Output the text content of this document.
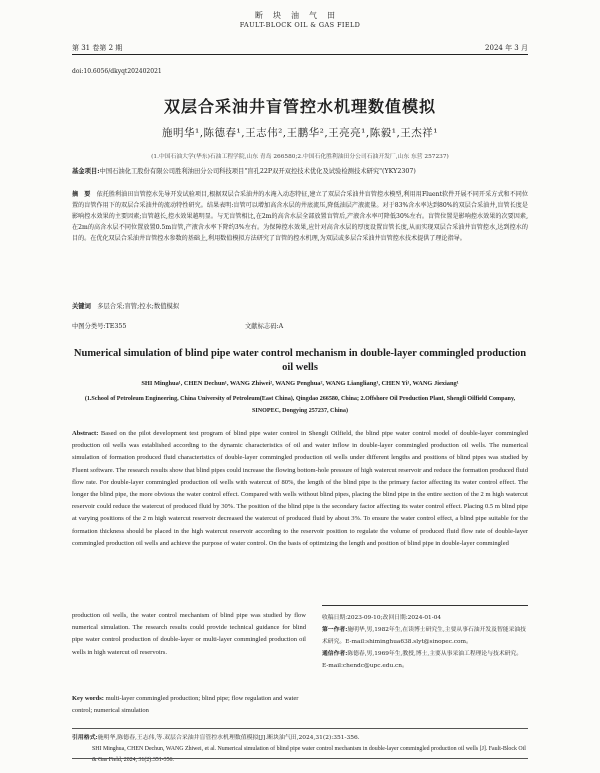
断块油气田
FAULT-BLOCK OIL & GAS FIELD
第 31 卷第 2 期	2024 年 3 月
doi:10.6056/dkyqt202402021
双层合采油井盲管控水机理数值模拟
施明华¹,陈德春¹,王志伟²,王鹏华²,王亮亮¹,陈毅¹,王杰祥¹
(1.中国石油大学(华东)石油工程学院,山东 青岛 266580;2.中国石化胜利油田分公司石油开发厂,山东 东营 257237)
基金项目:中国石油化工股份有限公司胜利油田分公司科技项目"盲孔22P双开双控技术优化及试验检测技术研究"(YKY2307)
摘　要　 依托胜利油田盲管控水先导开发试验项目,根据双层合采油井的水淹入动态特征,建立了双层合采油井盲管控水模型,利用用Fluent软件开展不同开采方式和不同位置的盲管作用下的双层合采油井的流动特性研究。结果表明:盲管可以增加高含水层的井底流压,降低油层产液流量。对于83%含水率达到80%的双层合采油井,盲管长度是影响控水效果的主要因素;盲管越长,控水效果越明显。与无盲管相比,在2m的高含水层全部放置盲管后,产液含水率可降低30%左右。盲管位置是影响控水效果的次要因素,在2m的高含水层不同位置放置0.5m盲管,产液含水率下降约3%左右。为保障控水效果,应针对高含水层的厚度设置盲管长度,从而实现双层合采油井盲管控水,达到控水的目的。在优化双层合采油井盲管控水参数的基础上,利用数值模拟方法研究了盲管的控水机理,为双层或多层合采油井盲管控水技术提供了理论指导。
关键词　 多层合采;盲管;控水;数值模拟
中图分类号:TE355	文献标志码:A
Numerical simulation of blind pipe water control mechanism in double-layer commingled production oil wells
SHI Minghua¹, CHEN Dechun¹, WANG Zhiwei², WANG Penghua², WANG Liangliang¹, CHEN Yi¹, WANG Jiexiang¹
(1.School of Petroleum Engineering, China University of Petroleum(East China), Qingdao 266580, China; 2.Offshore Oil Production Plant, Shengli Oilfield Company, SINOPEC, Dongying 257237, China)
Abstract: Based on the pilot development test program of blind pipe water control in Shengli Oilfield, the blind pipe water control model of double-layer commingled production oil wells was established according to the dynamic characteristics of oil and water inflow in double-layer commingled production oil wells. The numerical simulation of formation produced fluid characteristics of double-layer commingled production oil wells under different lengths and positions of blind pipes was studied by Fluent software. The research results show that blind pipes could increase the flowing bottom-hole pressure of high watercut reservoir and reduce the formation produced fluid flow rate. For double-layer commingled production oil wells with watercut of 80%, the length of the blind pipe is the primary factor affecting its water control effect. The longer the blind pipe, the more obvious the water control effect. Compared with wells without blind pipes, placing the blind pipe in the entire section of the 2 m high watercut reservoir could reduce the watercut of produced fluid by 30%. The position of the blind pipe is the secondary factor affecting its water control effect. Placing 0.5 m blind pipe at varying positions of the 2 m high watercut reservoir decreased the watercut of produced fluid by about 3%. To ensure the water control effect, a blind pipe suitable for the formation thickness should be placed in the high watercut reservoir according to the reservoir position to regulate the volume of produced fluid flow rate of double-layer commingled production oil wells and achieve the purpose of water control. On the basis of optimizing the length and position of blind pipe in double-layer commingled
production oil wells, the water control mechanism of blind pipe was studied by flow numerical simulation. The research results could provide technical guidance for blind pipe water control production of double-layer or multi-layer commingled production oil wells in high watercut oil reservoirs.
Key words: multi-layer commingled production; blind pipe; flow regulation and water control; numerical simulation
收稿日期:2023-09-10;改回日期:2024-01-04
第一作者:施明华,男,1982年生,在读博士研究生,主要从事石油开发及智能采油技术研究。E-mail:shiminghua638.slyt@sinopec.com。
通信作者:陈德春,男,1969年生,教授,博士,主要从事采油工程理论与技术研究。E-mail:chendc@upc.edu.cn。
引用格式:施明华,陈德春,王志伟,等.双层合采油井盲管控水机理数值模拟[J].断块油气田,2024,31(2):351-356.
SHI Minghua, CHEN Dechun, WANG Zhiwei, et al. Numerical simulation of blind pipe water control mechanism in double-layer commingled production oil wells [J]. Fault-Block Oil & Gas Field, 2024, 31(2):351-356.
